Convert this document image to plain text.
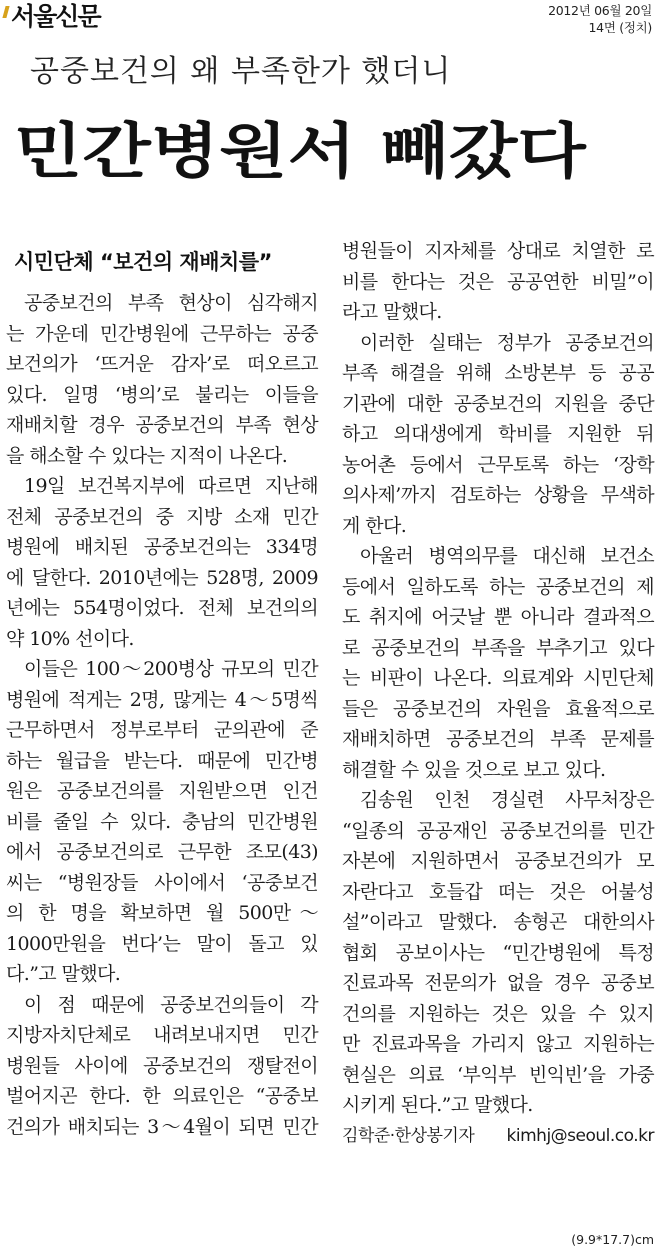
서울신문	2012년 06월 20일
14면 (정치)
공중보건의 왜 부족한가 했더니
민간병원서 빼갔다
시민단체 “보건의 재배치를”

공중보건의 부족 현상이 심각해지

는 가운데 민간병원에 근무하는 공중

보건의가 ‘뜨거운 감자’로 떠오르고

있다. 일명 ‘병의’로 불리는 이들을

재배치할 경우 공중보건의 부족 현상

을 해소할 수 있다는 지적이 나온다.

19일 보건복지부에 따르면 지난해

전체 공중보건의 중 지방 소재 민간

병원에 배치된 공중보건의는 334명

에 달한다. 2010년에는 528명, 2009

년에는 554명이었다. 전체 보건의의

약 10% 선이다.

이들은 100～200병상 규모의 민간

병원에 적게는 2명, 많게는 4～5명씩

근무하면서 정부로부터 군의관에 준

하는 월급을 받는다. 때문에 민간병

원은 공중보건의를 지원받으면 인건

비를 줄일 수 있다. 충남의 민간병원

에서 공중보건의로 근무한 조모(43)

씨는 “병원장들 사이에서 ‘공중보건

의 한 명을 확보하면 월 500만～

1000만원을 번다’는 말이 돌고 있

다.”고 말했다.

이 점 때문에 공중보건의들이 각

지방자치단체로 내려보내지면 민간

병원들 사이에 공중보건의 쟁탈전이

벌어지곤 한다. 한 의료인은 “공중보

건의가 배치되는 3～4월이 되면 민간

병원들이 지자체를 상대로 치열한 로

비를 한다는 것은 공공연한 비밀”이

라고 말했다.

이러한 실태는 정부가 공중보건의

부족 해결을 위해 소방본부 등 공공

기관에 대한 공중보건의 지원을 중단

하고 의대생에게 학비를 지원한 뒤

농어촌 등에서 근무토록 하는 ‘장학

의사제’까지 검토하는 상황을 무색하

게 한다.

아울러 병역의무를 대신해 보건소

등에서 일하도록 하는 공중보건의 제

도 취지에 어긋날 뿐 아니라 결과적으

로 공중보건의 부족을 부추기고 있다

는 비판이 나온다. 의료계와 시민단체

들은 공중보건의 자원을 효율적으로

재배치하면 공중보건의 부족 문제를

해결할 수 있을 것으로 보고 있다.

김송원 인천 경실련 사무처장은

“일종의 공공재인 공중보건의를 민간

자본에 지원하면서 공중보건의가 모

자란다고 호들갑 떠는 것은 어불성

설”이라고 말했다. 송형곤 대한의사

협회 공보이사는 “민간병원에 특정

진료과목 전문의가 없을 경우 공중보

건의를 지원하는 것은 있을 수 있지

만 진료과목을 가리지 않고 지원하는

현실은 의료 ‘부익부 빈익빈’을 가중

시키게 된다.”고 말했다.

김학준·한상봉기자 kimhj@seoul.co.kr
(9.9*17.7)cm
